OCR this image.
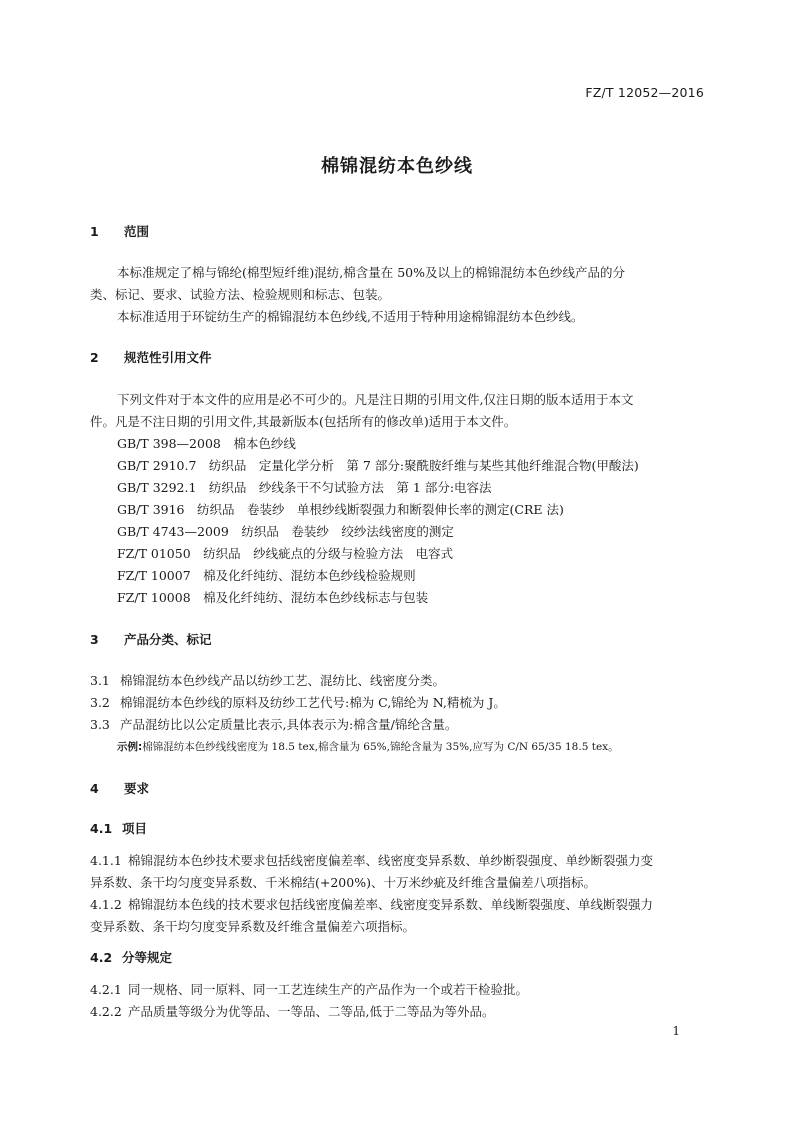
FZ/T 12052—2016
棉锦混纺本色纱线
1 范围
本标准规定了棉与锦纶(棉型短纤维)混纺,棉含量在 50%及以上的棉锦混纺本色纱线产品的分
类、标记、要求、试验方法、检验规则和标志、包装。
本标准适用于环锭纺生产的棉锦混纺本色纱线,不适用于特种用途棉锦混纺本色纱线。
2 规范性引用文件
下列文件对于本文件的应用是必不可少的。凡是注日期的引用文件,仅注日期的版本适用于本文
件。凡是不注日期的引用文件,其最新版本(包括所有的修改单)适用于本文件。
GB/T 398—2008　棉本色纱线
GB/T 2910.7　纺织品　定量化学分析　第 7 部分:聚酰胺纤维与某些其他纤维混合物(甲酸法)
GB/T 3292.1　纺织品　纱线条干不匀试验方法　第 1 部分:电容法
GB/T 3916　纺织品　卷装纱　单根纱线断裂强力和断裂伸长率的测定(CRE 法)
GB/T 4743—2009　纺织品　卷装纱　绞纱法线密度的测定
FZ/T 01050　纺织品　纱线疵点的分级与检验方法　电容式
FZ/T 10007　棉及化纤纯纺、混纺本色纱线检验规则
FZ/T 10008　棉及化纤纯纺、混纺本色纱线标志与包装
3 产品分类、标记
3.1 棉锦混纺本色纱线产品以纺纱工艺、混纺比、线密度分类。
3.2 棉锦混纺本色纱线的原料及纺纱工艺代号:棉为 C,锦纶为 N,精梳为 J。
3.3 产品混纺比以公定质量比表示,具体表示为:棉含量/锦纶含量。
示例:棉锦混纺本色纱线线密度为 18.5 tex,棉含量为 65%,锦纶含量为 35%,应写为 C/N 65/35 18.5 tex。
4 要求
4.1 项目
4.1.1 棉锦混纺本色纱技术要求包括线密度偏差率、线密度变异系数、单纱断裂强度、单纱断裂强力变
异系数、条干均匀度变异系数、千米棉结(+200%)、十万米纱疵及纤维含量偏差八项指标。
4.1.2 棉锦混纺本色线的技术要求包括线密度偏差率、线密度变异系数、单线断裂强度、单线断裂强力
变异系数、条干均匀度变异系数及纤维含量偏差六项指标。
4.2 分等规定
4.2.1 同一规格、同一原料、同一工艺连续生产的产品作为一个或若干检验批。
4.2.2 产品质量等级分为优等品、一等品、二等品,低于二等品为等外品。
1
